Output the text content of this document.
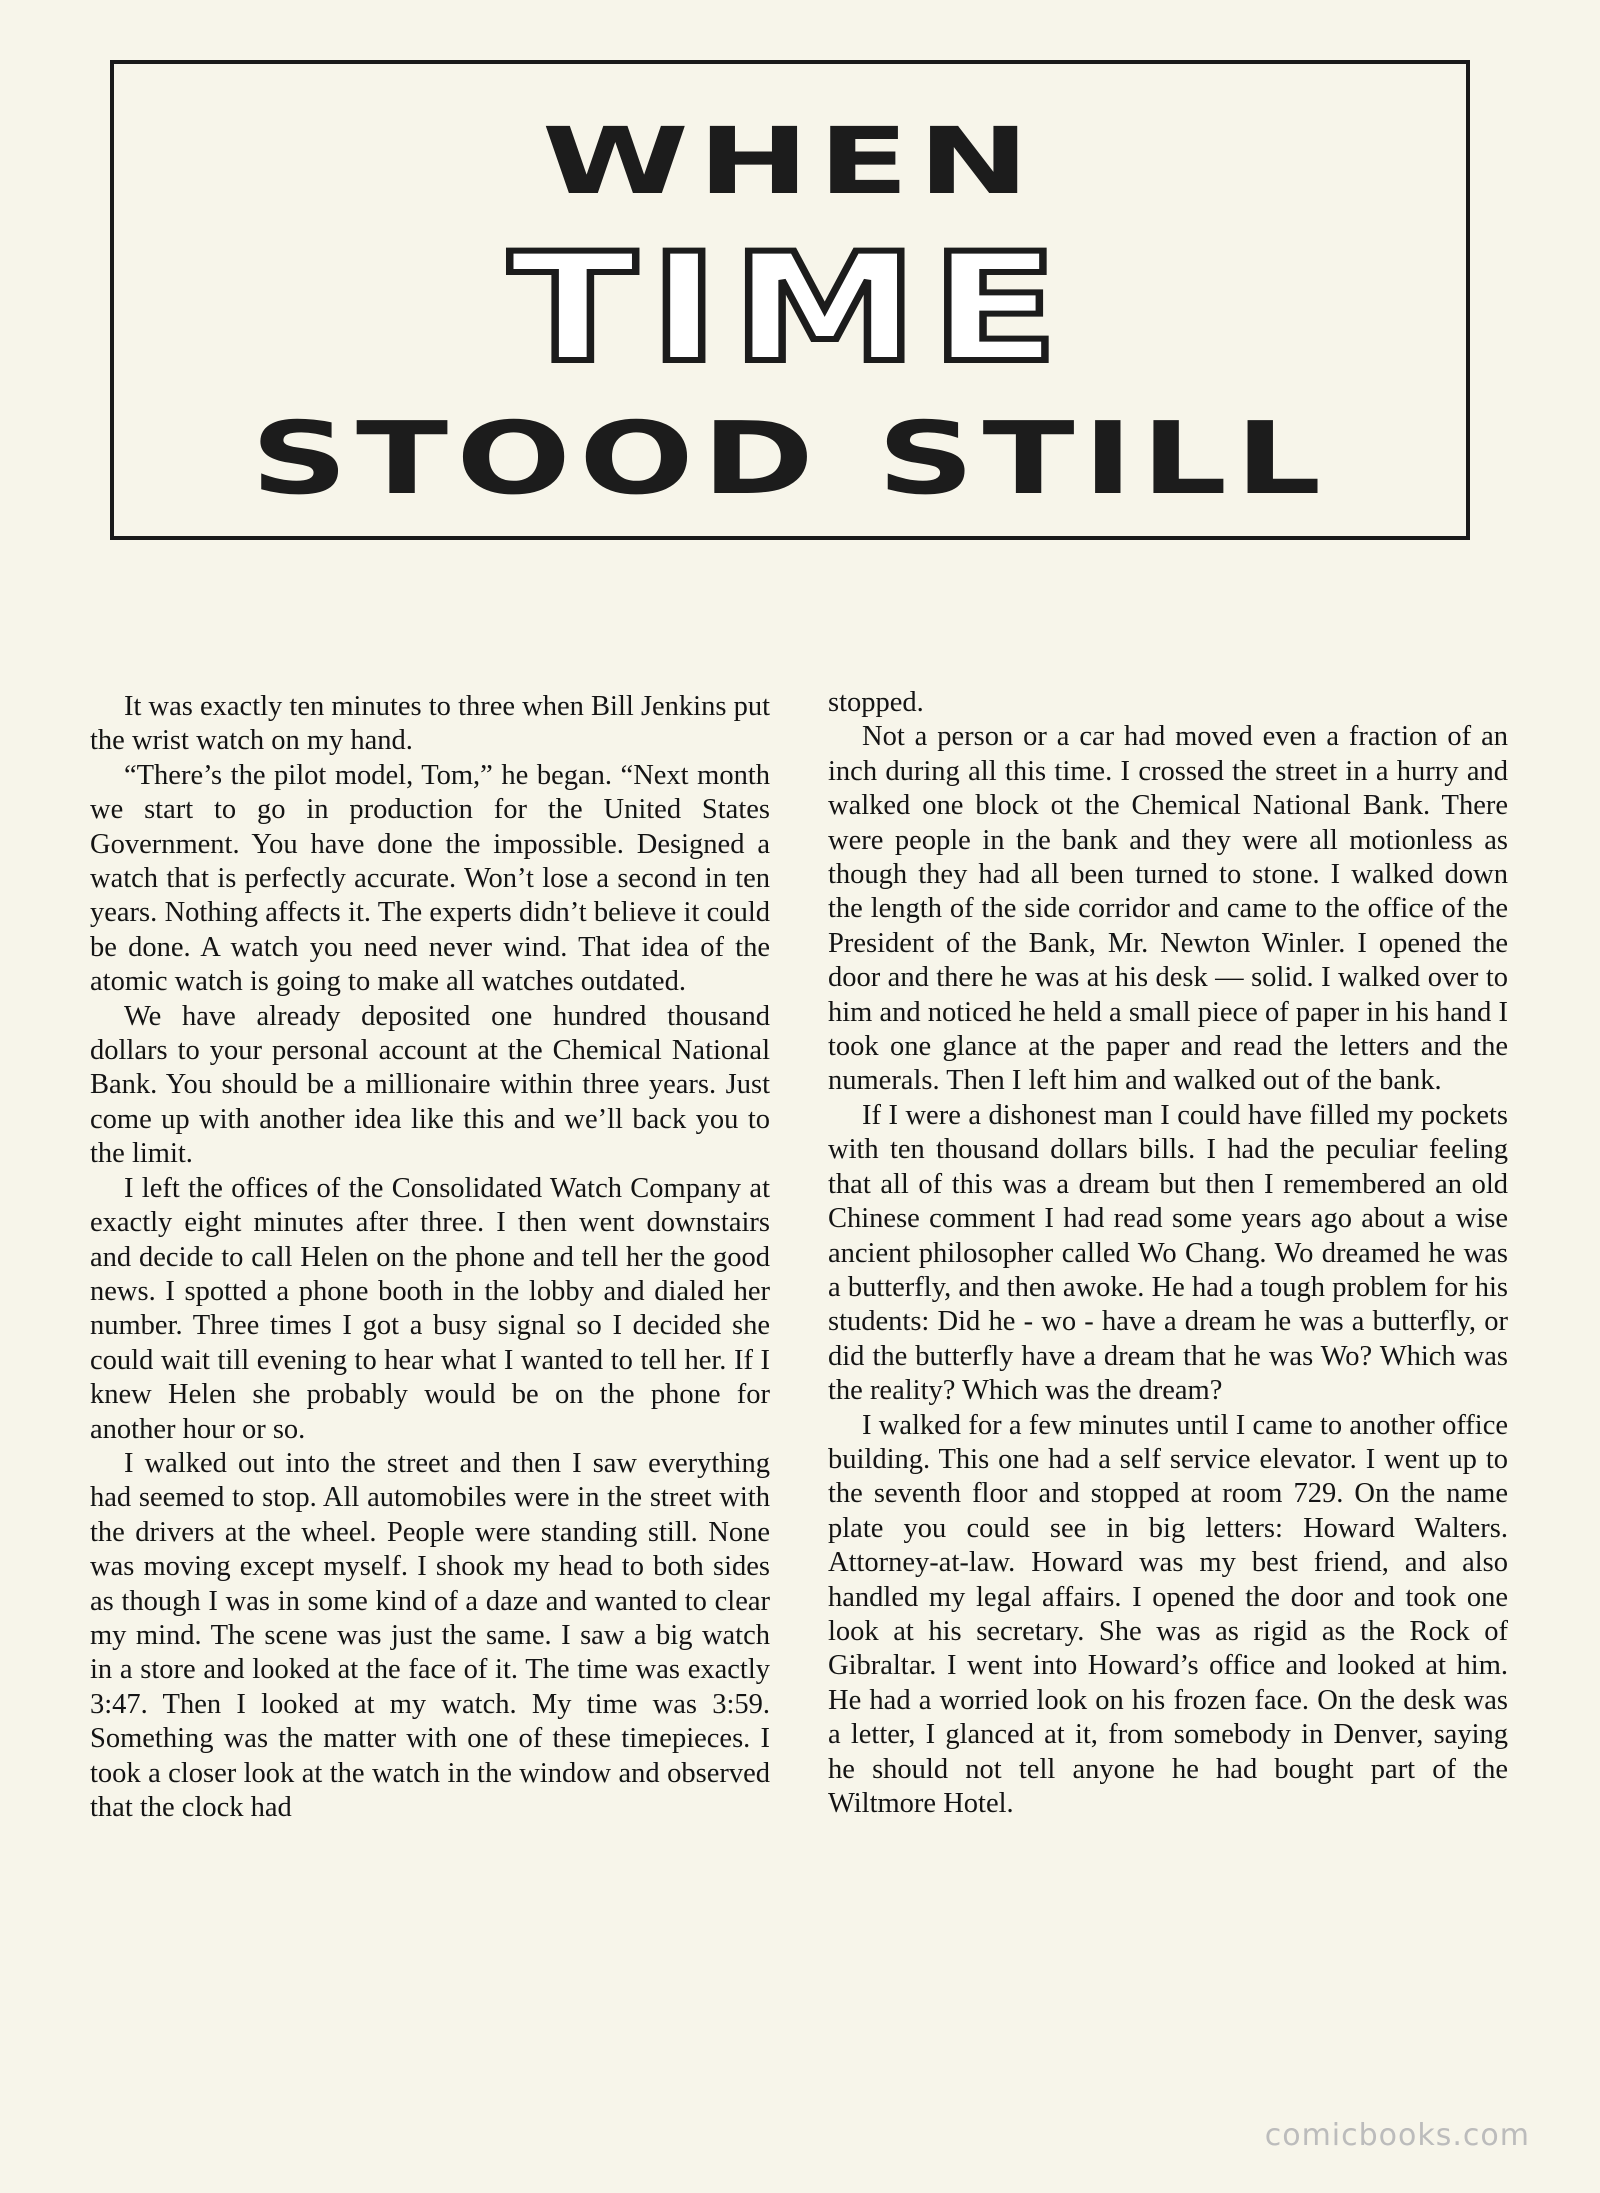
WHEN
TIME
STOOD STILL

It was exactly ten minutes to three when Bill Jenkins put the wrist watch on my hand.

“There’s the pilot model, Tom,” he began. “Next month we start to go in production for the United States Government. You have done the impossible. Designed a watch that is perfectly accurate. Won’t lose a second in ten years. Nothing affects it. The experts didn’t believe it could be done. A watch you need never wind. That idea of the atomic watch is going to make all watches outdated.

We have already deposited one hundred thousand dollars to your personal account at the Chemical National Bank. You should be a millionaire within three years. Just come up with another idea like this and we’ll back you to the limit.

I left the offices of the Consolidated Watch Company at exactly eight minutes after three. I then went downstairs and decide to call Helen on the phone and tell her the good news. I spotted a phone booth in the lobby and dialed her number. Three times I got a busy signal so I decided she could wait till evening to hear what I wanted to tell her. If I knew Helen she probably would be on the phone for another hour or so.

I walked out into the street and then I saw everything had seemed to stop. All automobiles were in the street with the drivers at the wheel. People were standing still. None was moving except myself. I shook my head to both sides as though I was in some kind of a daze and wanted to clear my mind. The scene was just the same. I saw a big watch in a store and looked at the face of it. The time was exactly 3:47. Then I looked at my watch. My time was 3:59. Something was the matter with one of these timepieces. I took a closer look at the watch in the window and observed that the clock had

stopped.

Not a person or a car had moved even a fraction of an inch during all this time. I crossed the street in a hurry and walked one block ot the Chemical National Bank. There were people in the bank and they were all motionless as though they had all been turned to stone. I walked down the length of the side corridor and came to the office of the President of the Bank, Mr. Newton Winler. I opened the door and there he was at his desk — solid. I walked over to him and noticed he held a small piece of paper in his hand I took one glance at the paper and read the letters and the numerals. Then I left him and walked out of the bank.

If I were a dishonest man I could have filled my pockets with ten thousand dollars bills. I had the peculiar feeling that all of this was a dream but then I remembered an old Chinese comment I had read some years ago about a wise ancient philosopher called Wo Chang. Wo dreamed he was a butterfly, and then awoke. He had a tough problem for his students: Did he - wo - have a dream he was a butterfly, or did the butterfly have a dream that he was Wo? Which was the reality? Which was the dream?

I walked for a few minutes until I came to another office building. This one had a self service elevator. I went up to the seventh floor and stopped at room 729. On the name plate you could see in big letters: Howard Walters. Attorney-at-law. Howard was my best friend, and also handled my legal affairs. I opened the door and took one look at his secretary. She was as rigid as the Rock of Gibraltar. I went into Howard’s office and looked at him. He had a worried look on his frozen face. On the desk was a letter, I glanced at it, from somebody in Denver, saying he should not tell anyone he had bought part of the Wiltmore Hotel.

comicbooks.com
